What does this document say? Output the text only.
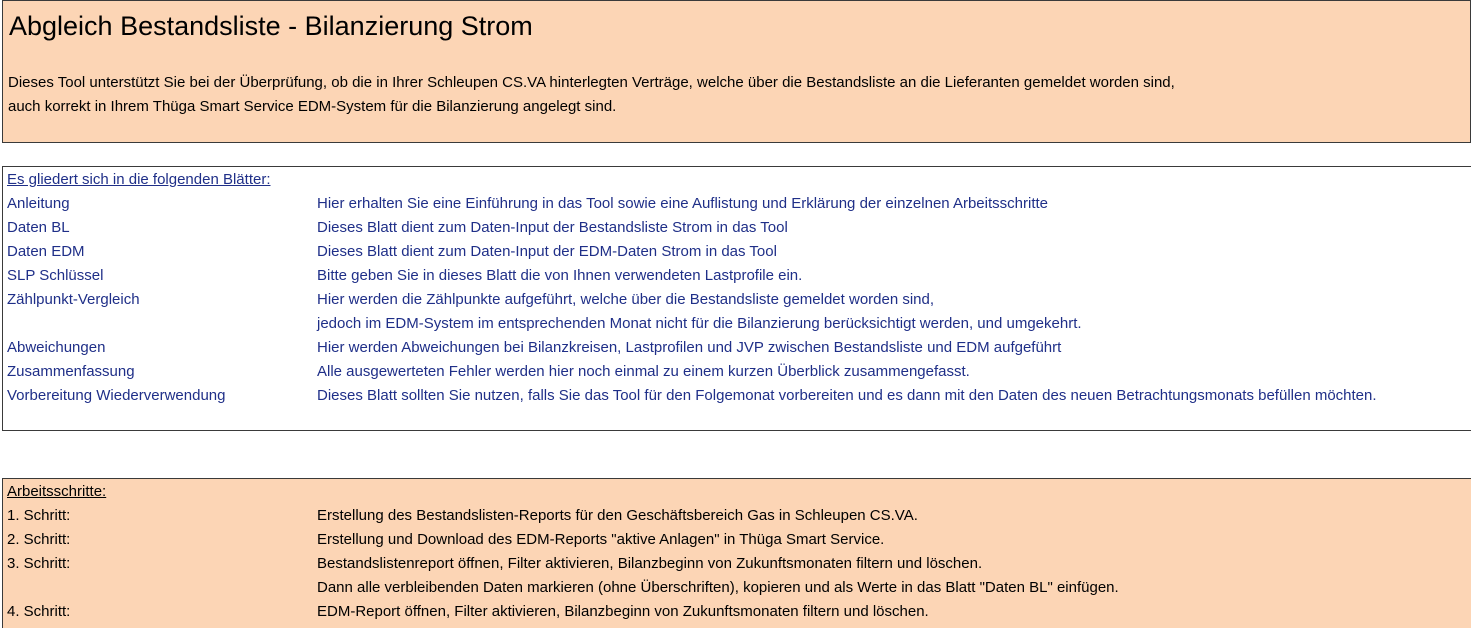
Abgleich Bestandsliste - Bilanzierung Strom
Dieses Tool unterstützt Sie bei der Überprüfung, ob die in Ihrer Schleupen CS.VA hinterlegten Verträge, welche über die Bestandsliste an die Lieferanten gemeldet worden sind,
auch korrekt in Ihrem Thüga Smart Service EDM-System für die Bilanzierung angelegt sind.
Es gliedert sich in die folgenden Blätter:
Anleitung	Hier erhalten Sie eine Einführung in das Tool sowie eine Auflistung und Erklärung der einzelnen Arbeitsschritte
Daten BL	Dieses Blatt dient zum Daten-Input der Bestandsliste Strom in das Tool
Daten EDM	Dieses Blatt dient zum Daten-Input der EDM-Daten Strom in das Tool
SLP Schlüssel	Bitte geben Sie in dieses Blatt die von Ihnen verwendeten Lastprofile ein.
Zählpunkt-Vergleich	Hier werden die Zählpunkte aufgeführt, welche über die Bestandsliste gemeldet worden sind,
jedoch im EDM-System im entsprechenden Monat nicht für die Bilanzierung berücksichtigt werden, und umgekehrt.
Abweichungen	Hier werden Abweichungen bei Bilanzkreisen, Lastprofilen und JVP zwischen Bestandsliste und EDM aufgeführt
Zusammenfassung	Alle ausgewerteten Fehler werden hier noch einmal zu einem kurzen Überblick zusammengefasst.
Vorbereitung Wiederverwendung	Dieses Blatt sollten Sie nutzen, falls Sie das Tool für den Folgemonat vorbereiten und es dann mit den Daten des neuen Betrachtungsmonats befüllen möchten.
Arbeitsschritte:
1. Schritt:	Erstellung des Bestandslisten-Reports für den Geschäftsbereich Gas in Schleupen CS.VA.
2. Schritt:	Erstellung und Download des EDM-Reports "aktive Anlagen" in Thüga Smart Service.
3. Schritt:	Bestandslistenreport öffnen, Filter aktivieren, Bilanzbeginn von Zukunftsmonaten filtern und löschen.
Dann alle verbleibenden Daten markieren (ohne Überschriften), kopieren und als Werte in das Blatt "Daten BL" einfügen.
4. Schritt:	EDM-Report öffnen, Filter aktivieren, Bilanzbeginn von Zukunftsmonaten filtern und löschen.
